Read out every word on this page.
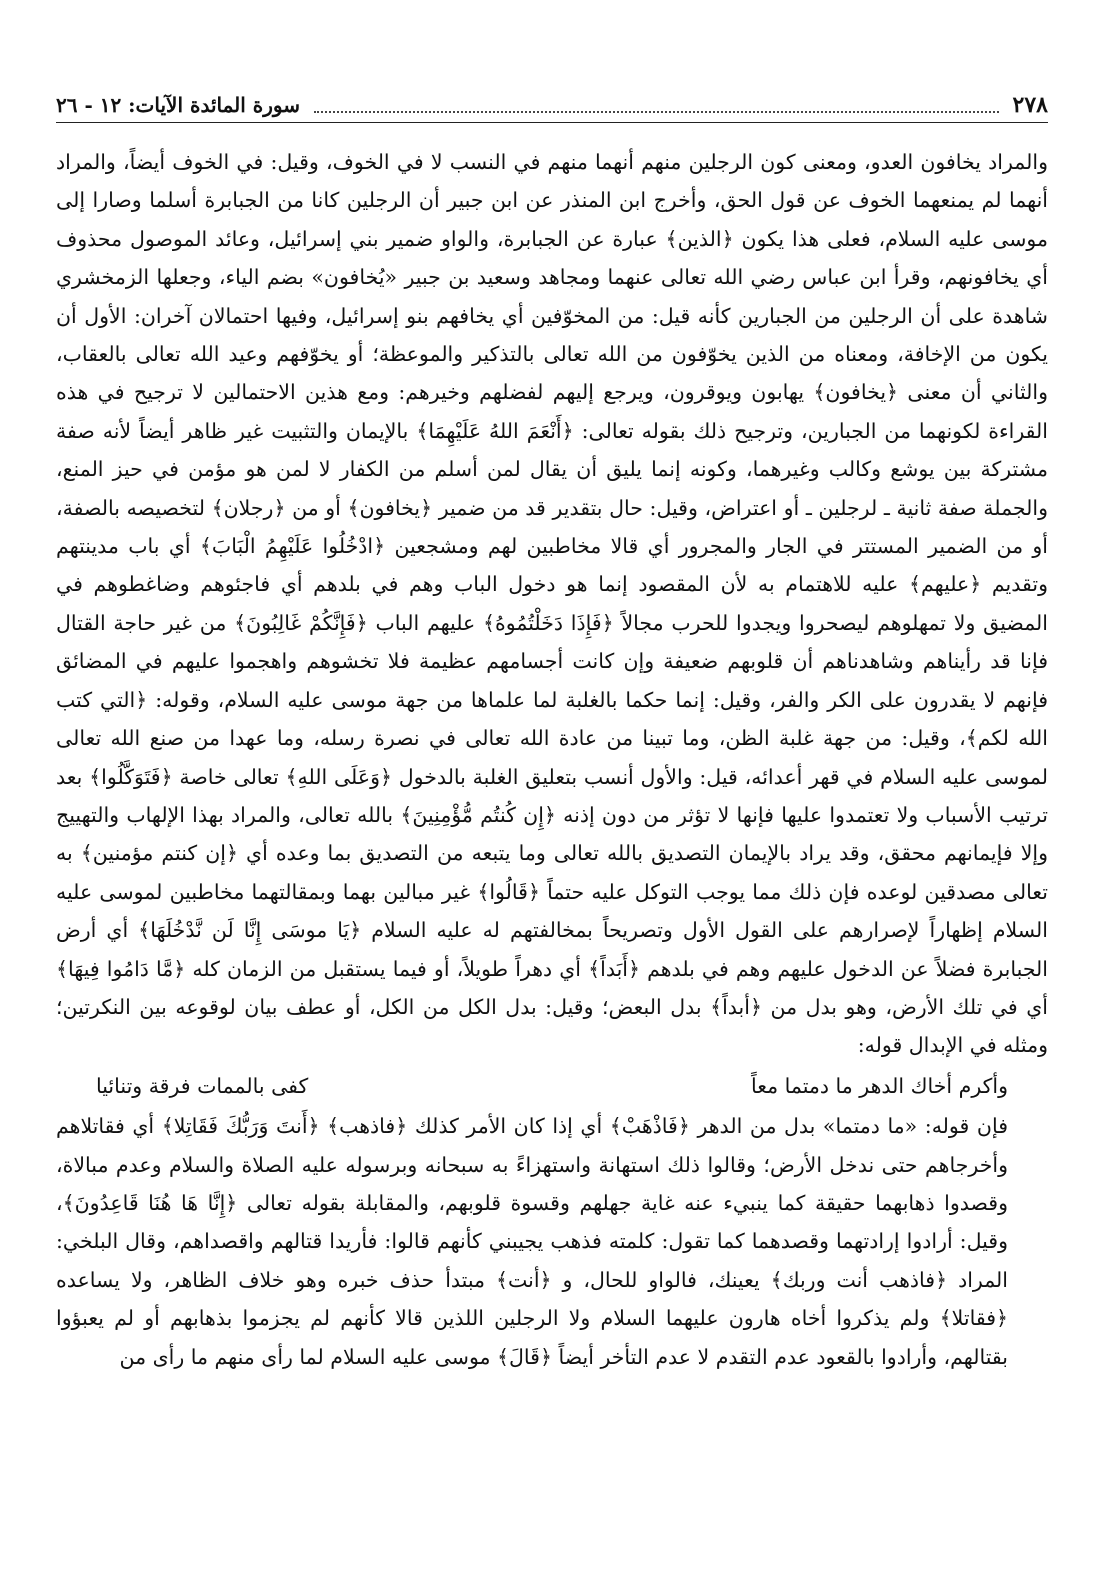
٢٧٨
سورة المائدة الآيات: ١٢ - ٢٦

والمراد يخافون العدو، ومعنى كون الرجلين منهم أنهما منهم في النسب لا في الخوف، وقيل: في الخوف أيضاً، والمراد أنهما لم يمنعهما الخوف عن قول الحق، وأخرج ابن المنذر عن ابن جبير أن الرجلين كانا من الجبابرة أسلما وصارا إلى موسى عليه السلام، فعلى هذا يكون ﴿الذين﴾ عبارة عن الجبابرة، والواو ضمير بني إسرائيل، وعائد الموصول محذوف أي يخافونهم، وقرأ ابن عباس رضي الله تعالى عنهما ومجاهد وسعيد بن جبير «يُخافون» بضم الياء، وجعلها الزمخشري شاهدة على أن الرجلين من الجبارين كأنه قيل: من المخوّفين أي يخافهم بنو إسرائيل، وفيها احتمالان آخران: الأول أن يكون من الإخافة، ومعناه من الذين يخوّفون من الله تعالى بالتذكير والموعظة؛ أو يخوّفهم وعيد الله تعالى بالعقاب، والثاني أن معنى ﴿يخافون﴾ يهابون ويوقرون، ويرجع إليهم لفضلهم وخيرهم: ومع هذين الاحتمالين لا ترجيح في هذه القراءة لكونهما من الجبارين، وترجيح ذلك بقوله تعالى: ﴿أَنْعَمَ اللهُ عَلَيْهِمَا﴾ بالإيمان والتثبيت غير ظاهر أيضاً لأنه صفة مشتركة بين يوشع وكالب وغيرهما، وكونه إنما يليق أن يقال لمن أسلم من الكفار لا لمن هو مؤمن في حيز المنع، والجملة صفة ثانية ـ لرجلين ـ أو اعتراض، وقيل: حال بتقدير قد من ضمير ﴿يخافون﴾ أو من ﴿رجلان﴾ لتخصيصه بالصفة، أو من الضمير المستتر في الجار والمجرور أي قالا مخاطبين لهم ومشجعين ﴿ادْخُلُوا عَلَيْهِمُ الْبَابَ﴾ أي باب مدينتهم وتقديم ﴿عليهم﴾ عليه للاهتمام به لأن المقصود إنما هو دخول الباب وهم في بلدهم أي فاجئوهم وضاغطوهم في المضيق ولا تمهلوهم ليصحروا ويجدوا للحرب مجالاً ﴿فَإِذَا دَخَلْتُمُوهُ﴾ عليهم الباب ﴿فَإِنَّكُمْ غَالِبُونَ﴾ من غير حاجة القتال فإنا قد رأيناهم وشاهدناهم أن قلوبهم ضعيفة وإن كانت أجسامهم عظيمة فلا تخشوهم واهجموا عليهم في المضائق فإنهم لا يقدرون على الكر والفر، وقيل: إنما حكما بالغلبة لما علماها من جهة موسى عليه السلام، وقوله: ﴿التي كتب الله لكم﴾، وقيل: من جهة غلبة الظن، وما تبينا من عادة الله تعالى في نصرة رسله، وما عهدا من صنع الله تعالى لموسى عليه السلام في قهر أعدائه، قيل: والأول أنسب بتعليق الغلبة بالدخول ﴿وَعَلَى اللهِ﴾ تعالى خاصة ﴿فَتَوَكَّلُوا﴾ بعد ترتيب الأسباب ولا تعتمدوا عليها فإنها لا تؤثر من دون إذنه ﴿إِن كُنتُم مُّؤْمِنِينَ﴾ بالله تعالى، والمراد بهذا الإلهاب والتهييج وإلا فإيمانهم محقق، وقد يراد بالإيمان التصديق بالله تعالى وما يتبعه من التصديق بما وعده أي ﴿إن كنتم مؤمنين﴾ به تعالى مصدقين لوعده فإن ذلك مما يوجب التوكل عليه حتماً ﴿قَالُوا﴾ غير مبالين بهما وبمقالتهما مخاطبين لموسى عليه السلام إظهاراً لإصرارهم على القول الأول وتصريحاً بمخالفتهم له عليه السلام ﴿يَا موسَى إِنَّا لَن نَّدْخُلَهَا﴾ أي أرض الجبابرة فضلاً عن الدخول عليهم وهم في بلدهم ﴿أَبَداً﴾ أي دهراً طويلاً، أو فيما يستقبل من الزمان كله ﴿مَّا دَامُوا فِيهَا﴾ أي في تلك الأرض، وهو بدل من ﴿أبداً﴾ بدل البعض؛ وقيل: بدل الكل من الكل، أو عطف بيان لوقوعه بين النكرتين؛ ومثله في الإبدال قوله:

وأكرم أخاك الدهر ما دمتما معاً
كفى بالممات فرقة وتنائيا

فإن قوله: «ما دمتما» بدل من الدهر ﴿فَاذْهَبْ﴾ أي إذا كان الأمر كذلك ﴿فاذهب﴾ ﴿أَنتَ وَرَبُّكَ فَقَاتِلا﴾ أي فقاتلاهم وأخرجاهم حتى ندخل الأرض؛ وقالوا ذلك استهانة واستهزاءً به سبحانه وبرسوله عليه الصلاة والسلام وعدم مبالاة، وقصدوا ذهابهما حقيقة كما ينبيء عنه غاية جهلهم وقسوة قلوبهم، والمقابلة بقوله تعالى ﴿إِنَّا هَا هُنَا قَاعِدُونَ﴾، وقيل: أرادوا إرادتهما وقصدهما كما تقول: كلمته فذهب يجيبني كأنهم قالوا: فأريدا قتالهم واقصداهم، وقال البلخي: المراد ﴿فاذهب أنت وربك﴾ يعينك، فالواو للحال، و ﴿أنت﴾ مبتدأ حذف خبره وهو خلاف الظاهر، ولا يساعده ﴿فقاتلا﴾ ولم يذكروا أخاه هارون عليهما السلام ولا الرجلين اللذين قالا كأنهم لم يجزموا بذهابهم أو لم يعبؤوا بقتالهم، وأرادوا بالقعود عدم التقدم لا عدم التأخر أيضاً ﴿قَالَ﴾ موسى عليه السلام لما رأى منهم ما رأى من
